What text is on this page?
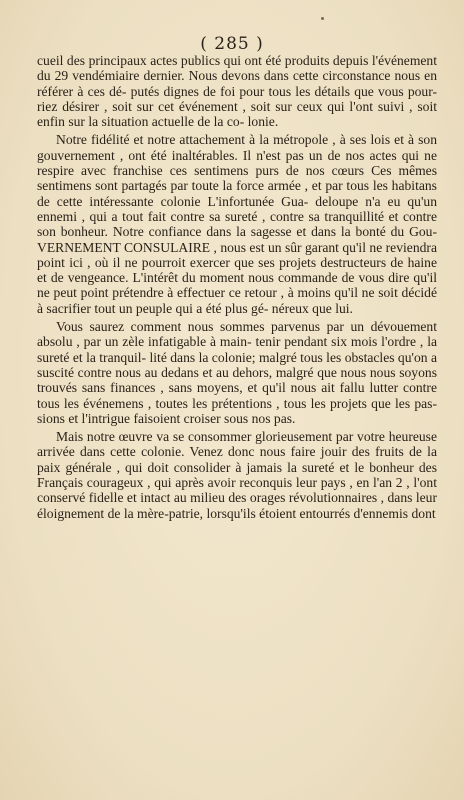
( 285 )

cueil des principaux actes publics qui ont été produits depuis l'événement du 29 vendémiaire dernier. Nous devons dans cette circonstance nous en référer à ces dé- putés dignes de foi pour tous les détails que vous pour- riez désirer , soit sur cet événement , soit sur ceux qui l'ont suivi , soit enfin sur la situation actuelle de la co- lonie.

Notre fidélité et notre attachement à la métropole , à ses lois et à son gouvernement , ont été inaltérables. Il n'est pas un de nos actes qui ne respire avec franchise ces sentimens purs de nos cœurs Ces mêmes sentimens sont partagés par toute la force armée , et par tous les habitans de cette intéressante colonie L'infortunée Gua- deloupe n'a eu qu'un ennemi , qui a tout fait contre sa sureté , contre sa tranquillité et contre son bonheur. Notre confiance dans la sagesse et dans la bonté du Gou- VERNEMENT CONSULAIRE , nous est un sûr garant qu'il ne reviendra point ici , où il ne pourroit exercer que ses projets destructeurs de haine et de vengeance. L'intérêt du moment nous commande de vous dire qu'il ne peut point prétendre à effectuer ce retour , à moins qu'il ne soit décidé à sacrifier tout un peuple qui a été plus gé- néreux que lui.

Vous saurez comment nous sommes parvenus par un dévouement absolu , par un zèle infatigable à main- tenir pendant six mois l'ordre , la sureté et la tranquil- lité dans la colonie; malgré tous les obstacles qu'on a suscité contre nous au dedans et au dehors, malgré que nous nous soyons trouvés sans finances , sans moyens, et qu'il nous ait fallu lutter contre tous les événemens , toutes les prétentions , tous les projets que les pas- sions et l'intrigue faisoient croiser sous nos pas.

Mais notre œuvre va se consommer glorieusement par votre heureuse arrivée dans cette colonie. Venez donc nous faire jouir des fruits de la paix générale , qui doit consolider à jamais la sureté et le bonheur des Français courageux , qui après avoir reconquis leur pays , en l'an 2 , l'ont conservé fidelle et intact au milieu des orages révolutionnaires , dans leur éloignement de la mère-patrie, lorsqu'ils étoient entourrés d'ennemis dont
